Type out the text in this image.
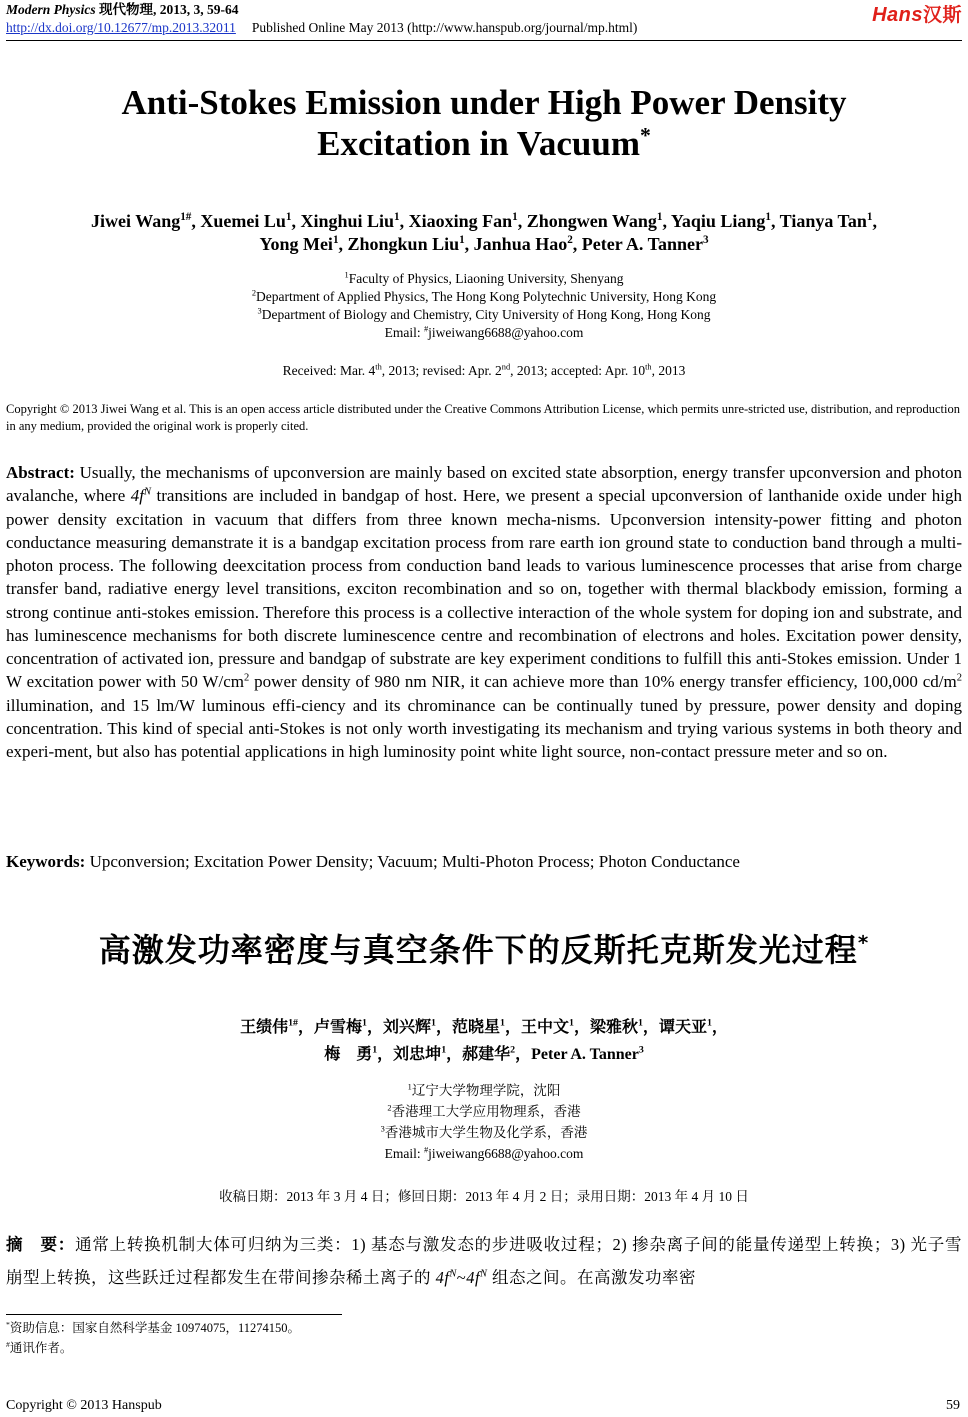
Modern Physics 现代物理, 2013, 3, 59-64
http://dx.doi.org/10.12677/mp.2013.32011 Published Online May 2013 (http://www.hanspub.org/journal/mp.html)
Hans汉斯
Anti-Stokes Emission under High Power Density
Excitation in Vacuum*
Jiwei Wang$^{1\#}$, Xuemei Lu$^1$, Xinghui Liu$^1$, Xiaoxing Fan$^1$, Zhongwen Wang$^1$, Yaqiu Liang$^1$, Tianya Tan$^1$,
Yong Mei$^1$, Zhongkun Liu$^1$, Janhua Hao$^2$, Peter A. Tanner$^3$
$^1$Faculty of Physics, Liaoning University, Shenyang
$^2$Department of Applied Physics, The Hong Kong Polytechnic University, Hong Kong
$^3$Department of Biology and Chemistry, City University of Hong Kong, Hong Kong
Email: #jiweiwang6688@yahoo.com
Received: Mar. 4th, 2013; revised: Apr. 2nd, 2013; accepted: Apr. 10th, 2013
Copyright © 2013 Jiwei Wang et al. This is an open access article distributed under the Creative Commons Attribution License, which permits unre-stricted use, distribution, and reproduction in any medium, provided the original work is properly cited.
Abstract: Usually, the mechanisms of upconversion are mainly based on excited state absorption, energy transfer upconversion and photon avalanche, where $4f^N$ transitions are included in bandgap of host. Here, we present a special upconversion of lanthanide oxide under high power density excitation in vacuum that differs from three known mecha-nisms. Upconversion intensity-power fitting and photon conductance measuring demanstrate it is a bandgap excitation process from rare earth ion ground state to conduction band through a multi-photon process. The following deexcitation process from conduction band leads to various luminescence processes that arise from charge transfer band, radiative energy level transitions, exciton recombination and so on, together with thermal blackbody emission, forming a strong continue anti-stokes emission. Therefore this process is a collective interaction of the whole system for doping ion and substrate, and has luminescence mechanisms for both discrete luminescence centre and recombination of electrons and holes. Excitation power density, concentration of activated ion, pressure and bandgap of substrate are key experiment conditions to fulfill this anti-Stokes emission. Under 1 W excitation power with 50 $W/cm^2$ power density of 980 nm NIR, it can achieve more than 10% energy transfer efficiency, 100,000 $cd/m^2$ illumination, and 15 lm/W luminous effi-ciency and its chrominance can be continually tuned by pressure, power density and doping concentration. This kind of special anti-Stokes is not only worth investigating its mechanism and trying various systems in both theory and experi-ment, but also has potential applications in high luminosity point white light source, non-contact pressure meter and so on.
Keywords: Upconversion; Excitation Power Density; Vacuum; Multi-Photon Process; Photon Conductance
高激发功率密度与真空条件下的反斯托克斯发光过程*
王绩伟$^{1\#}$，卢雪梅$^1$，刘兴辉$^1$，范晓星$^1$，王中文$^1$，梁雅秋$^1$，谭天亚$^1$，
梅　勇$^1$，刘忠坤$^1$，郝建华$^2$，Peter A. Tanner$^3$
$^1$辽宁大学物理学院，沈阳
$^2$香港理工大学应用物理系，香港
$^3$香港城市大学生物及化学系，香港
Email: #jiweiwang6688@yahoo.com
收稿日期：2013 年 3 月 4 日；修回日期：2013 年 4 月 2 日；录用日期：2013 年 4 月 10 日
摘　要：通常上转换机制大体可归纳为三类：1) 基态与激发态的步进吸收过程；2) 掺杂离子间的能量传递型上转换；3) 光子雪崩型上转换，这些跃迁过程都发生在带间掺杂稀土离子的 $4f^N\sim 4f^N$ 组态之间。在高激发功率密
*资助信息：国家自然科学基金 10974075，11274150。
#通讯作者。
Copyright © 2013 Hanspub	59
